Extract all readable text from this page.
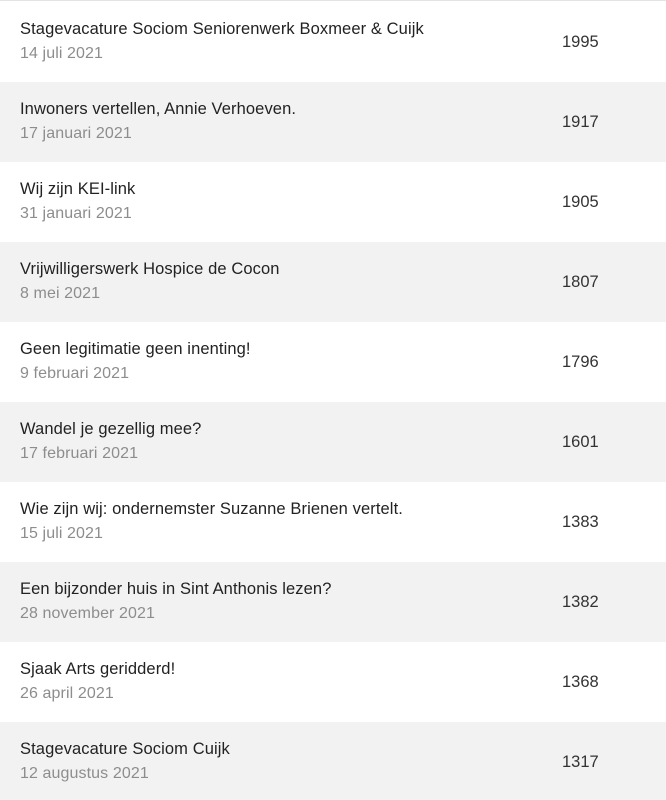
Stagevacature Sociom Seniorenwerk Boxmeer & Cuijk
14 juli 2021
1995
Inwoners vertellen, Annie Verhoeven.
17 januari 2021
1917
Wij zijn KEI-link
31 januari 2021
1905
Vrijwilligerswerk Hospice de Cocon
8 mei 2021
1807
Geen legitimatie geen inenting!
9 februari 2021
1796
Wandel je gezellig mee?
17 februari 2021
1601
Wie zijn wij: ondernemster Suzanne Brienen vertelt.
15 juli 2021
1383
Een bijzonder huis in Sint Anthonis lezen?
28 november 2021
1382
Sjaak Arts geridderd!
26 april 2021
1368
Stagevacature Sociom Cuijk
12 augustus 2021
1317
